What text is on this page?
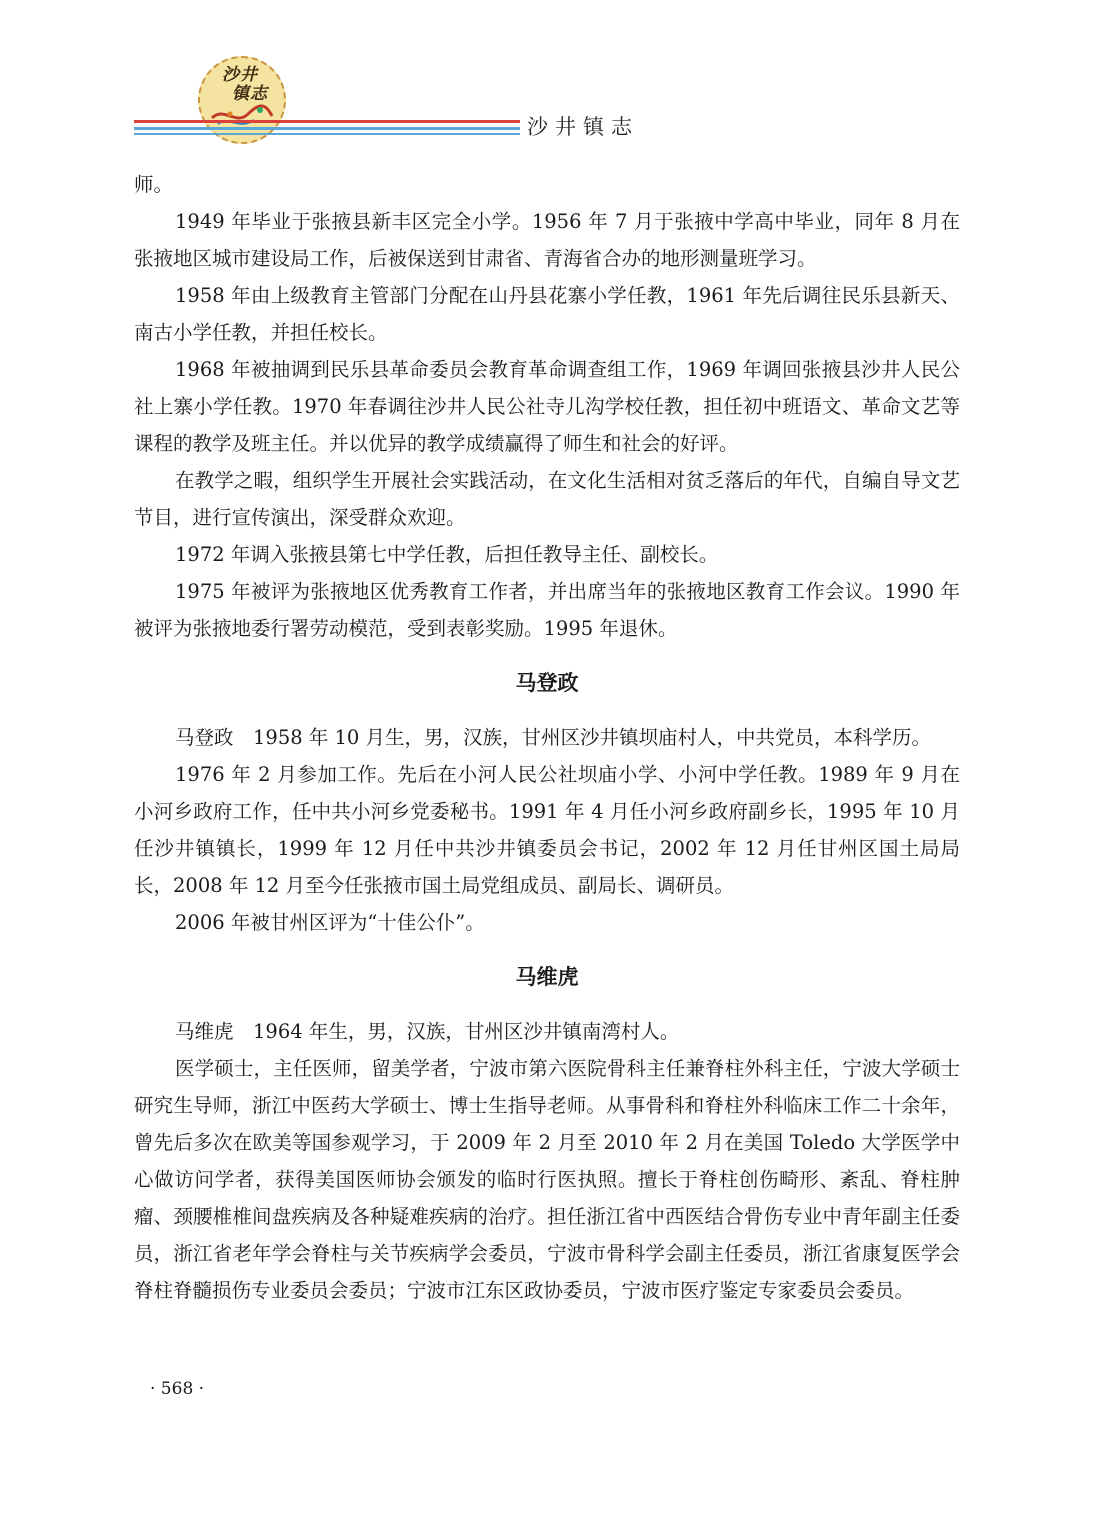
沙井
镇志
沙井镇志

师。

1949 年毕业于张掖县新丰区完全小学。1956 年 7 月于张掖中学高中毕业，同年 8 月在张掖地区城市建设局工作，后被保送到甘肃省、青海省合办的地形测量班学习。

1958 年由上级教育主管部门分配在山丹县花寨小学任教，1961 年先后调往民乐县新天、南古小学任教，并担任校长。

1968 年被抽调到民乐县革命委员会教育革命调查组工作，1969 年调回张掖县沙井人民公社上寨小学任教。1970 年春调往沙井人民公社寺儿沟学校任教，担任初中班语文、革命文艺等课程的教学及班主任。并以优异的教学成绩赢得了师生和社会的好评。

在教学之暇，组织学生开展社会实践活动，在文化生活相对贫乏落后的年代，自编自导文艺节目，进行宣传演出，深受群众欢迎。

1972 年调入张掖县第七中学任教，后担任教导主任、副校长。

1975 年被评为张掖地区优秀教育工作者，并出席当年的张掖地区教育工作会议。1990 年被评为张掖地委行署劳动模范，受到表彰奖励。1995 年退休。

马登政

马登政　1958 年 10 月生，男，汉族，甘州区沙井镇坝庙村人，中共党员，本科学历。

1976 年 2 月参加工作。先后在小河人民公社坝庙小学、小河中学任教。1989 年 9 月在小河乡政府工作，任中共小河乡党委秘书。1991 年 4 月任小河乡政府副乡长，1995 年 10 月任沙井镇镇长，1999 年 12 月任中共沙井镇委员会书记，2002 年 12 月任甘州区国土局局长，2008 年 12 月至今任张掖市国土局党组成员、副局长、调研员。

2006 年被甘州区评为“十佳公仆”。

马维虎

马维虎　1964 年生，男，汉族，甘州区沙井镇南湾村人。

医学硕士，主任医师，留美学者，宁波市第六医院骨科主任兼脊柱外科主任，宁波大学硕士研究生导师，浙江中医药大学硕士、博士生指导老师。从事骨科和脊柱外科临床工作二十余年，曾先后多次在欧美等国参观学习，于 2009 年 2 月至 2010 年 2 月在美国 Toledo 大学医学中心做访问学者，获得美国医师协会颁发的临时行医执照。擅长于脊柱创伤畸形、紊乱、脊柱肿瘤、颈腰椎椎间盘疾病及各种疑难疾病的治疗。担任浙江省中西医结合骨伤专业中青年副主任委员，浙江省老年学会脊柱与关节疾病学会委员，宁波市骨科学会副主任委员，浙江省康复医学会脊柱脊髓损伤专业委员会委员；宁波市江东区政协委员，宁波市医疗鉴定专家委员会委员。

· 568 ·
